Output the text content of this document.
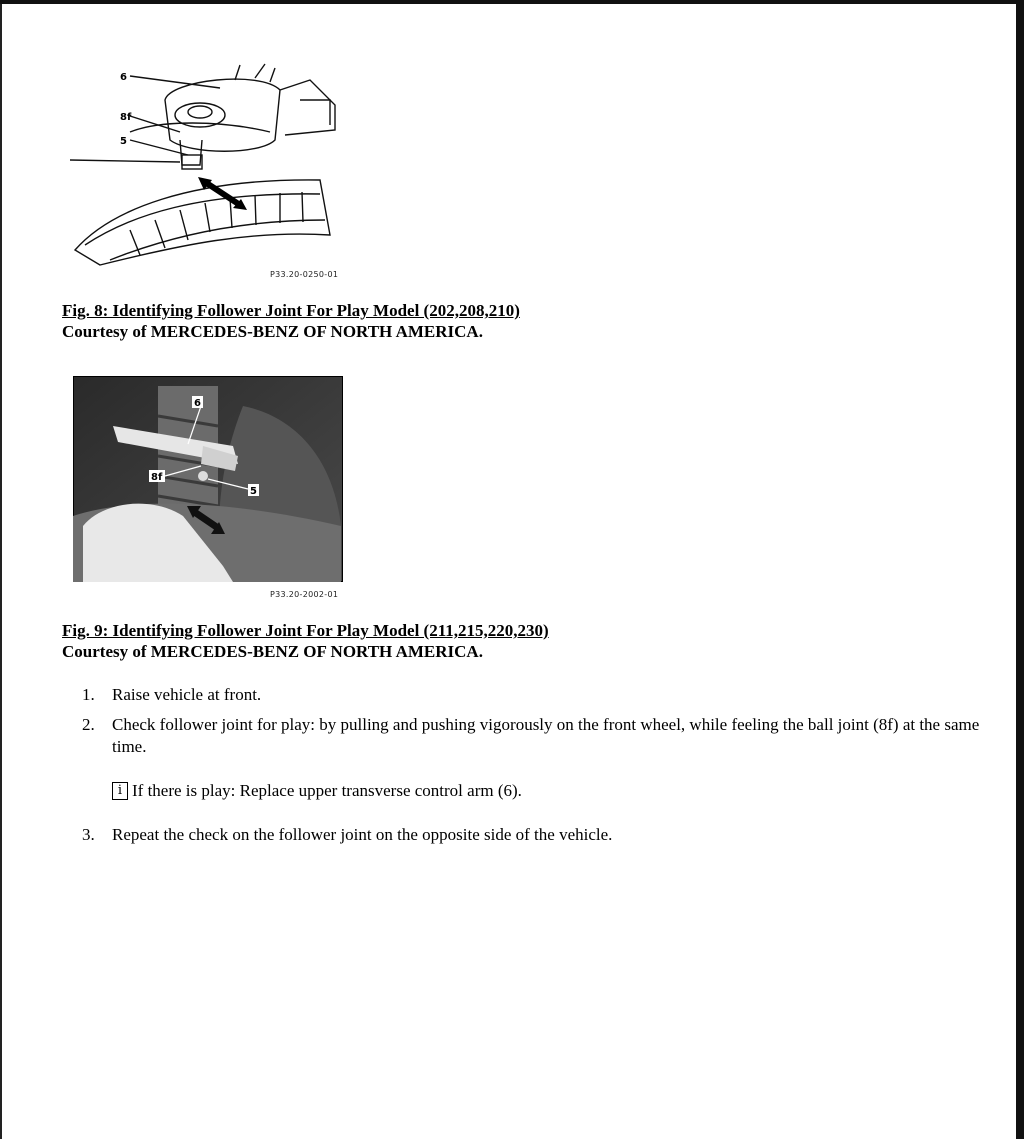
6
8f
5
P33.20-0250-01
Fig. 8: Identifying Follower Joint For Play Model (202,208,210)
Courtesy of MERCEDES-BENZ OF NORTH AMERICA.
6
8f
5
P33.20-2002-01
Fig. 9: Identifying Follower Joint For Play Model (211,215,220,230)
Courtesy of MERCEDES-BENZ OF NORTH AMERICA.
1.	Raise vehicle at front.
2.	Check follower joint for play: by pulling and pushing vigorously on the front wheel, while feeling the ball joint (8f) at the same time.
i If there is play: Replace upper transverse control arm (6).
3.	Repeat the check on the follower joint on the opposite side of the vehicle.
